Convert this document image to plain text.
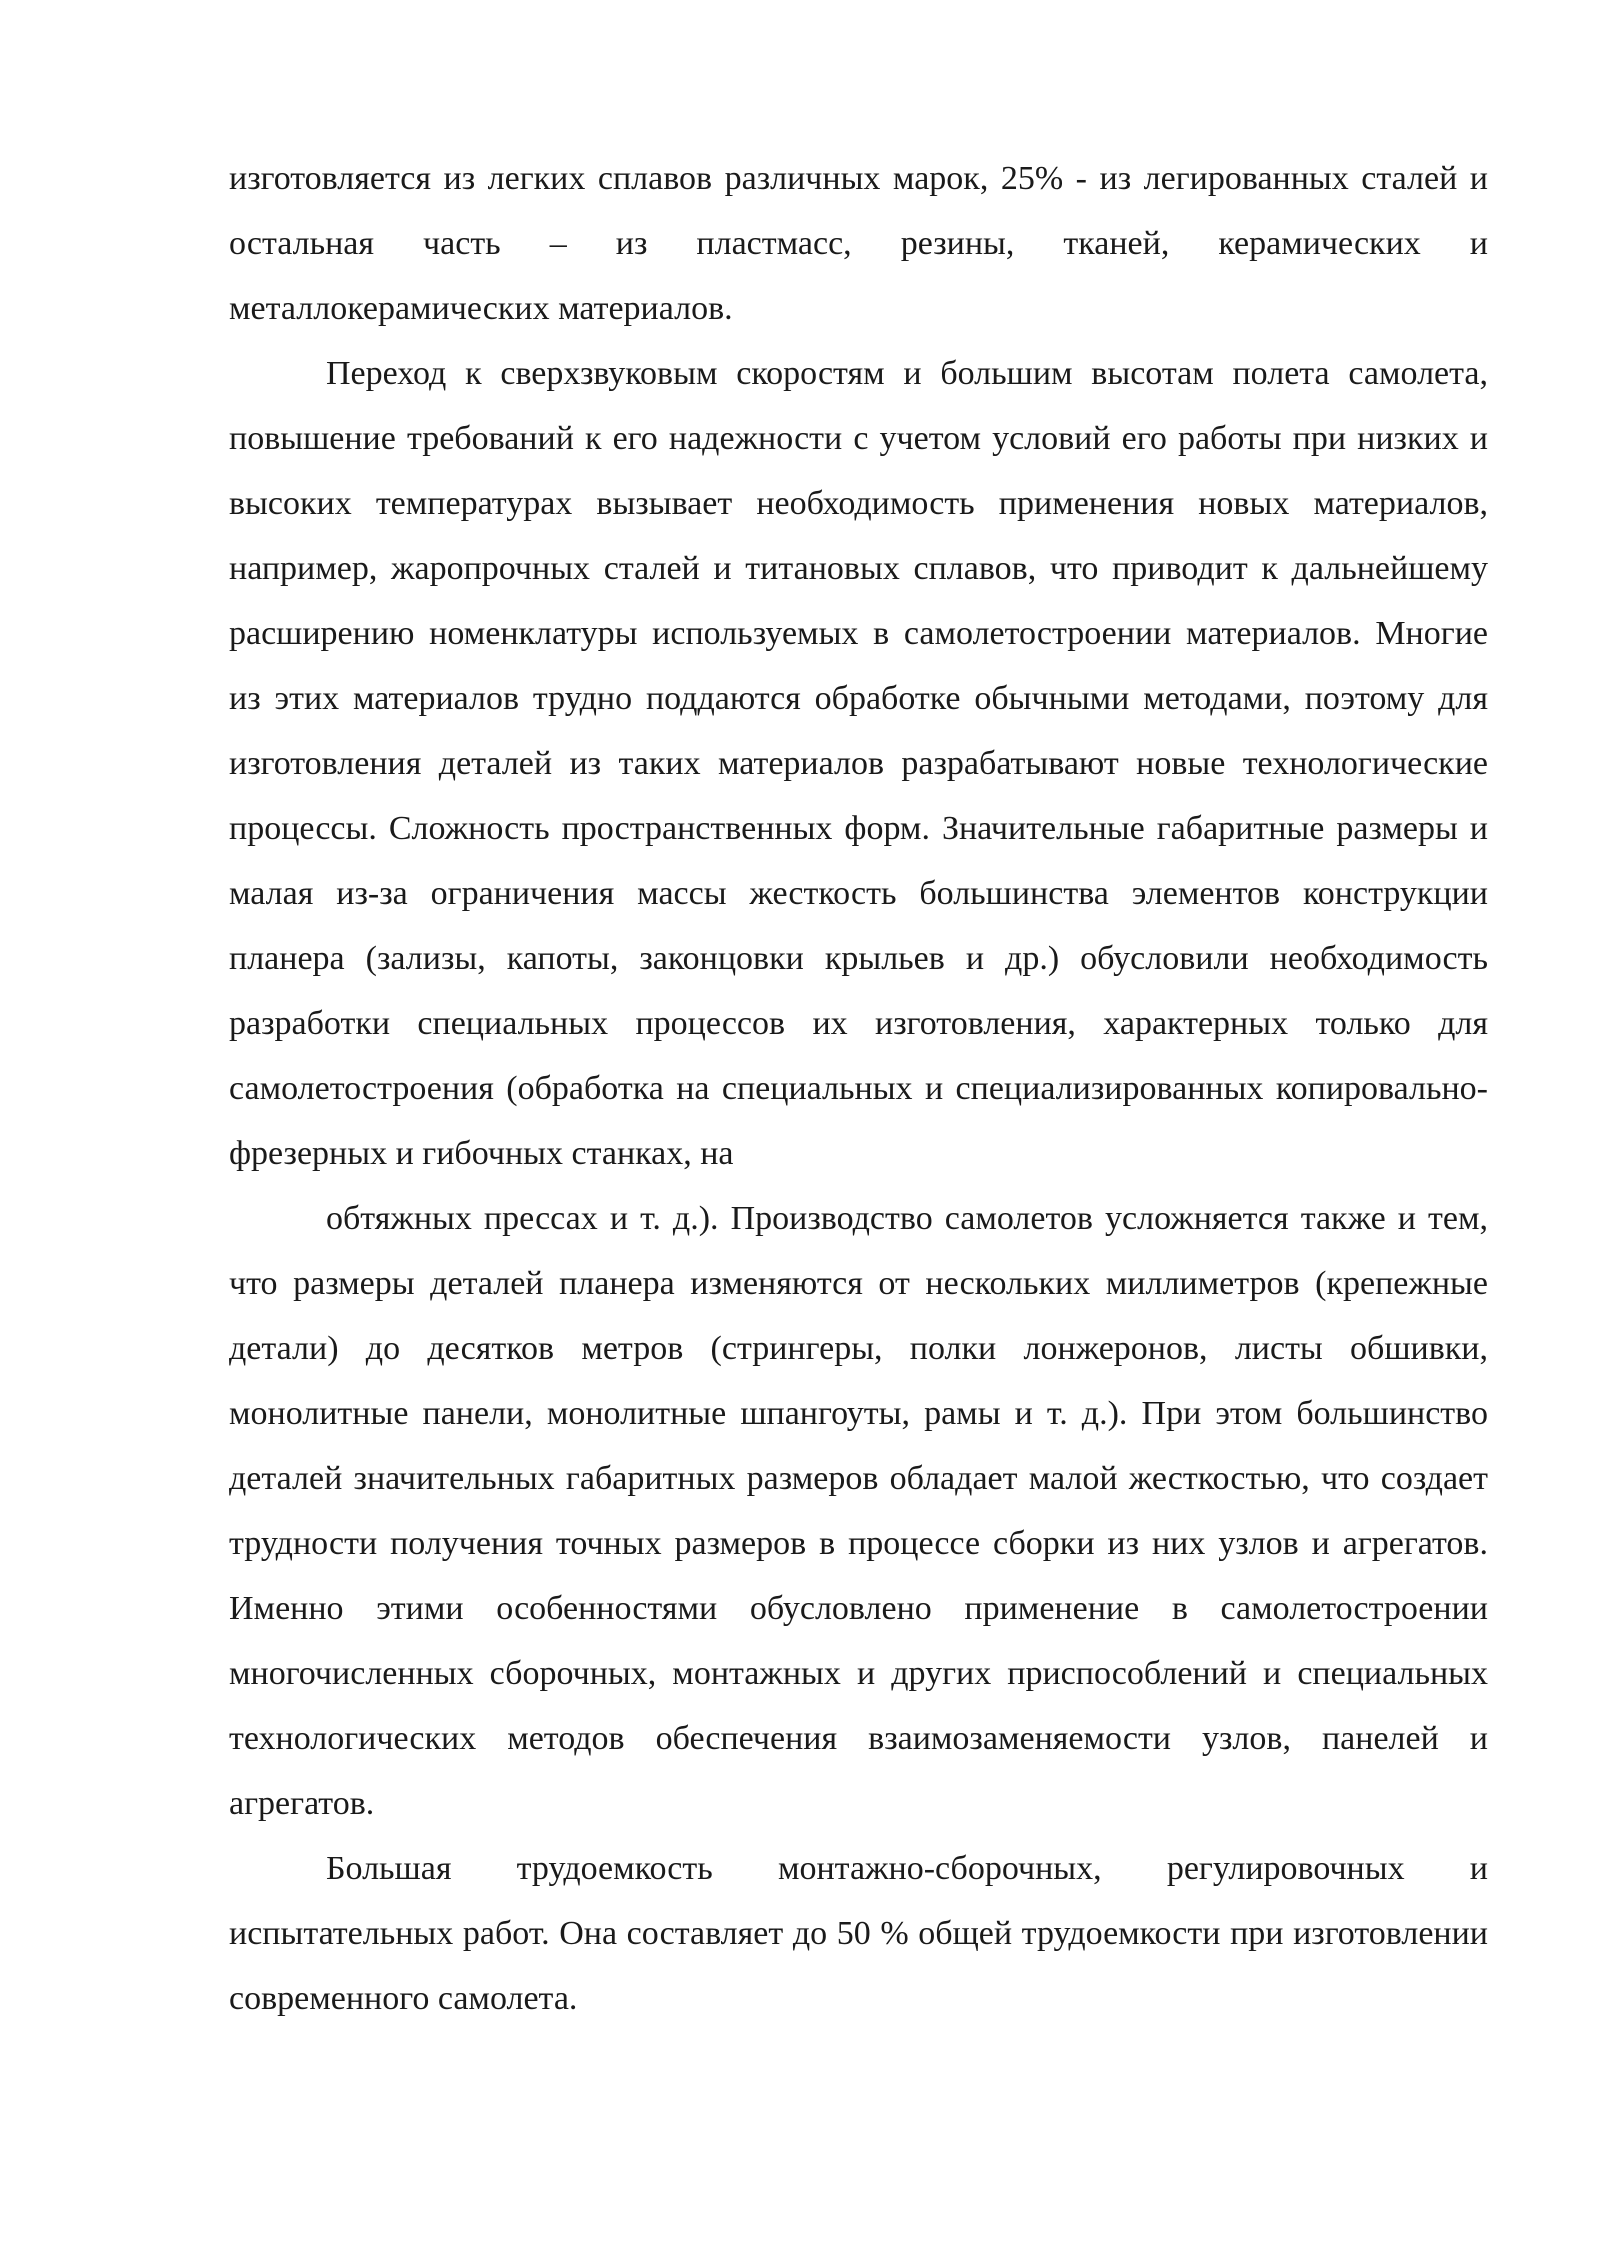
изготовляется из легких сплавов различных марок, 25% - из легированных сталей и остальная часть – из пластмасс, резины, тканей, керамических и металлокерамических материалов.

Переход к сверхзвуковым скоростям и большим высотам полета самолета, повышение требований к его надежности с учетом условий его работы при низких и высоких температурах вызывает необходимость применения новых материалов, например, жаропрочных сталей и титановых сплавов, что приводит к дальнейшему расширению номенклатуры используемых в самолетостроении материалов. Многие из этих материалов трудно поддаются обработке обычными методами, поэтому для изготовления деталей из таких материалов разрабатывают новые технологические процессы. Сложность пространственных форм. Значительные габаритные размеры и малая из-за ограничения массы жесткость большинства элементов конструкции планера (зализы, капоты, законцовки крыльев и др.) обусловили необходимость разработки специальных процессов их изготовления, характерных только для самолетостроения (обработка на специальных и специализированных копировально-фрезерных и гибочных станках, на

обтяжных прессах и т. д.). Производство самолетов усложняется также и тем, что размеры деталей планера изменяются от нескольких миллиметров (крепежные детали) до десятков метров (стрингеры, полки лонжеронов, листы обшивки, монолитные панели, монолитные шпангоуты, рамы и т. д.). При этом большинство деталей значительных габаритных размеров обладает малой жесткостью, что создает трудности получения точных размеров в процессе сборки из них узлов и агрегатов. Именно этими особенностями обусловлено применение в самолетостроении многочисленных сборочных, монтажных и других приспособлений и специальных технологических методов обеспечения взаимозаменяемости узлов, панелей и агрегатов.

Большая трудоемкость монтажно-сборочных, регулировочных и испытательных работ. Она составляет до 50 % общей трудоемкости при изготовлении современного самолета.
